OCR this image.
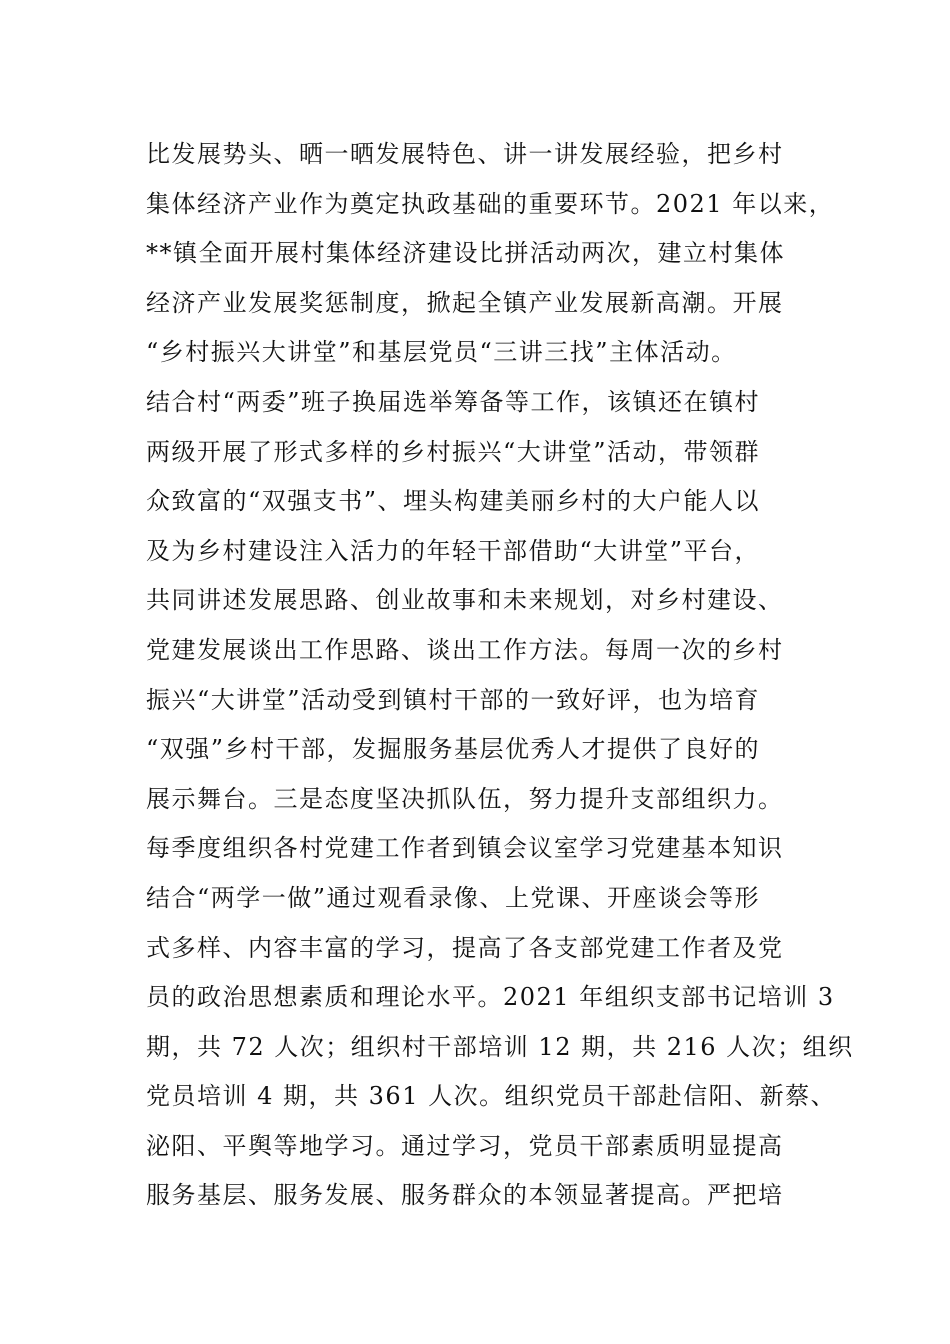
比发展势头、晒一晒发展特色、讲一讲发展经验，把乡村
集体经济产业作为奠定执政基础的重要环节。2021 年以来，
**镇全面开展村集体经济建设比拼活动两次，建立村集体
经济产业发展奖惩制度，掀起全镇产业发展新高潮。开展
“乡村振兴大讲堂”和基层党员“三讲三找”主体活动。
结合村“两委”班子换届选举筹备等工作，该镇还在镇村
两级开展了形式多样的乡村振兴“大讲堂”活动，带领群
众致富的“双强支书”、埋头构建美丽乡村的大户能人以
及为乡村建设注入活力的年轻干部借助“大讲堂”平台，
共同讲述发展思路、创业故事和未来规划，对乡村建设、
党建发展谈出工作思路、谈出工作方法。每周一次的乡村
振兴“大讲堂”活动受到镇村干部的一致好评，也为培育
“双强”乡村干部，发掘服务基层优秀人才提供了良好的
展示舞台。三是态度坚决抓队伍，努力提升支部组织力。
每季度组织各村党建工作者到镇会议室学习党建基本知识
结合“两学一做”通过观看录像、上党课、开座谈会等形
式多样、内容丰富的学习，提高了各支部党建工作者及党
员的政治思想素质和理论水平。2021 年组织支部书记培训 3
期，共 72 人次；组织村干部培训 12 期，共 216 人次；组织
党员培训 4 期，共 361 人次。组织党员干部赴信阳、新蔡、
泌阳、平舆等地学习。通过学习，党员干部素质明显提高
服务基层、服务发展、服务群众的本领显著提高。严把培
